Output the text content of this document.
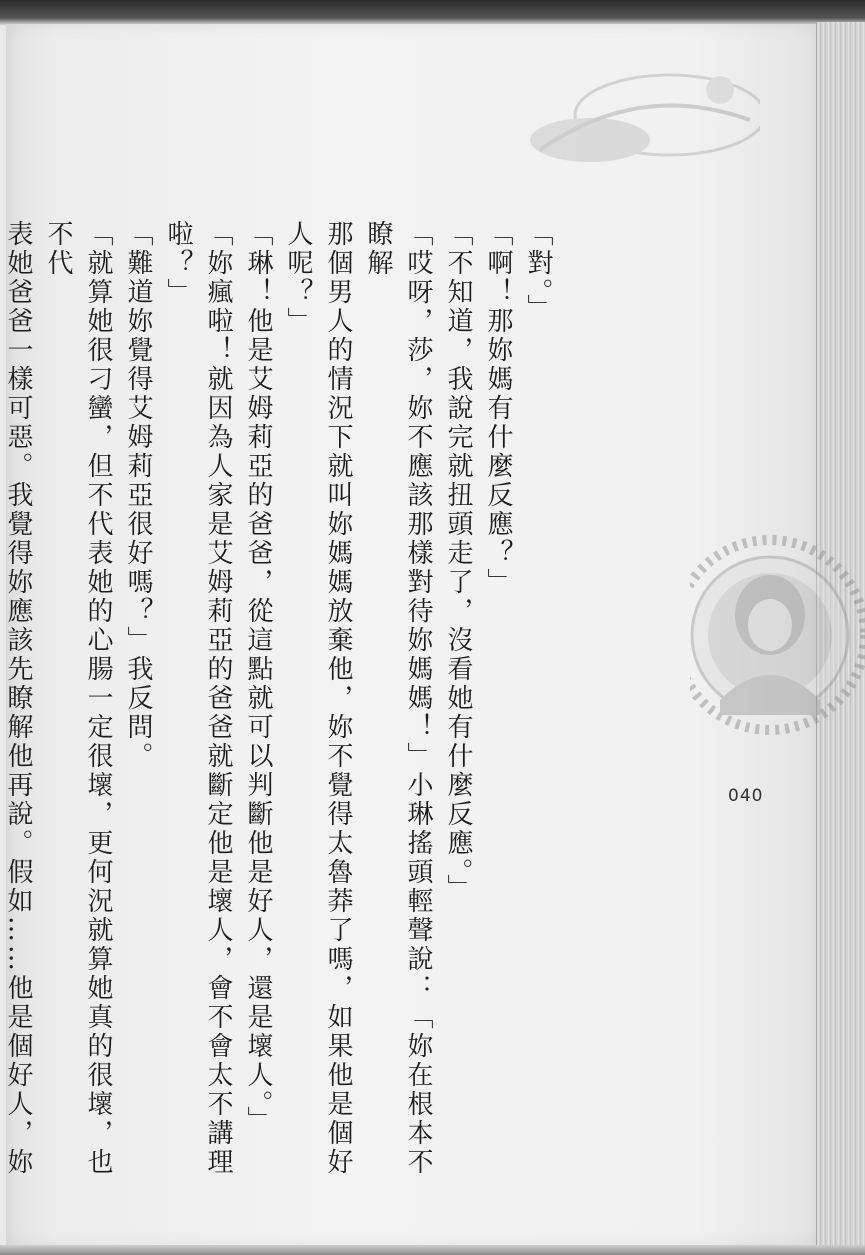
040

「對。」

「啊！那妳媽有什麼反應？」

「不知道，我說完就扭頭走了，沒看她有什麼反應。」

「哎呀，莎，妳不應該那樣對待妳媽媽！」小琳搖頭輕聲說：「妳在根本不瞭解

那個男人的情況下就叫妳媽媽放棄他，妳不覺得太魯莽了嗎，如果他是個好人呢？」

「琳！他是艾姆莉亞的爸爸，從這點就可以判斷他是好人，還是壞人。」

「妳瘋啦！就因為人家是艾姆莉亞的爸爸就斷定他是壞人，會不會太不講理

啦？」

「難道妳覺得艾姆莉亞很好嗎？」我反問。

「就算她很刁蠻，但不代表她的心腸一定很壞，更何況就算她真的很壞，也不代

表她爸爸一樣可惡。我覺得妳應該先瞭解他再說。假如……他是個好人，妳
